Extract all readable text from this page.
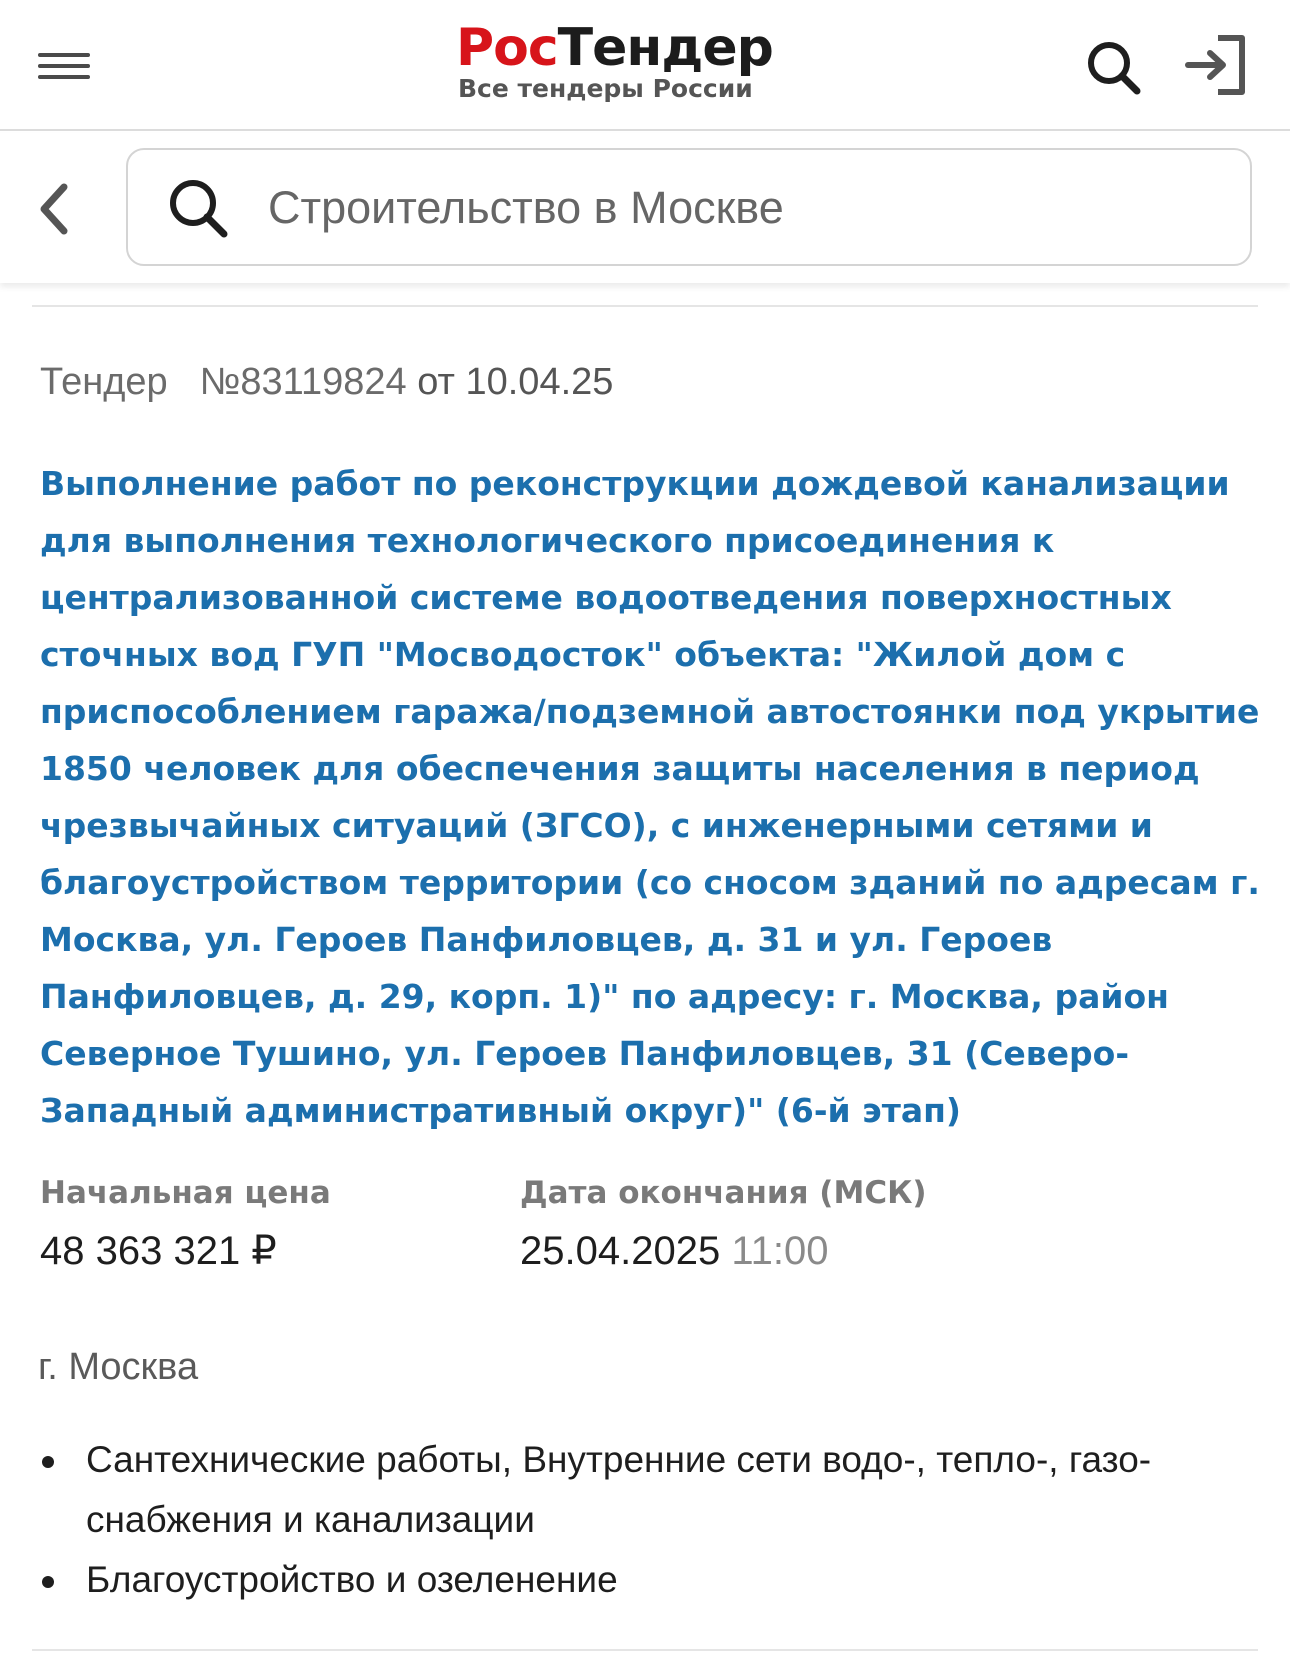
РосТендер
Все тендеры России
Строительство в Москве
Тендер №83119824 от 10.04.25
Выполнение работ по реконструкции дождевой канализации для выполнения технологического присоединения к централизованной системе водоотведения поверхностных сточных вод ГУП "Мосводосток" объекта: "Жилой дом с приспособлением гаража/подземной автостоянки под укрытие 1850 человек для обеспечения защиты населения в период чрезвычайных ситуаций (ЗГСО), с инженерными сетями и благоустройством территории (со сносом зданий по адресам г. Москва, ул. Героев Панфиловцев, д. 31 и ул. Героев Панфиловцев, д. 29, корп. 1)" по адресу: г. Москва, район Северное Тушино, ул. Героев Панфиловцев, 31 (Северо-Западный административный округ)" (6-й этап)
Начальная цена
48 363 321 ₽
Дата окончания (МСК)
25.04.2025 11:00
г. Москва
Сантехнические работы, Внутренние сети водо-, тепло-, газо-снабжения и канализации
Благоустройство и озеленение
